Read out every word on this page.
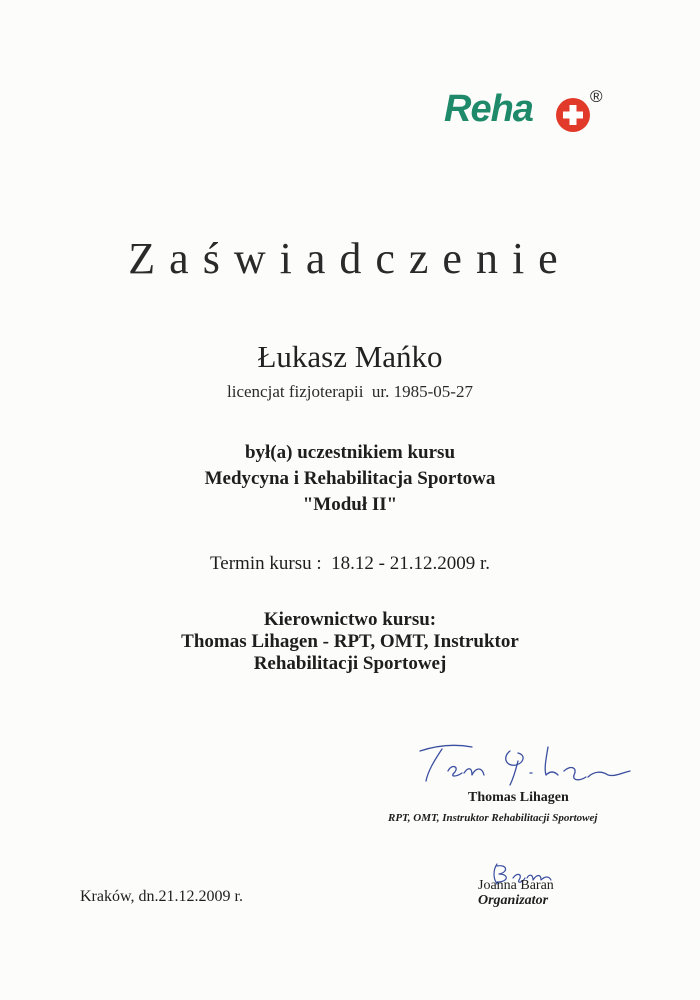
Reha	®
Zaświadczenie
Łukasz Mańko
licencjat fizjoterapii  ur. 1985-05-27
był(a) uczestnikiem kursu
Medycyna i Rehabilitacja Sportowa
"Moduł II"
Termin kursu :  18.12 - 21.12.2009 r.
Kierownictwo kursu:
Thomas Lihagen - RPT, OMT, Instruktor
Rehabilitacji Sportowej
Thomas Lihagen
RPT, OMT, Instruktor Rehabilitacji Sportowej
Joanna Baran
Organizator
Kraków, dn.21.12.2009 r.
